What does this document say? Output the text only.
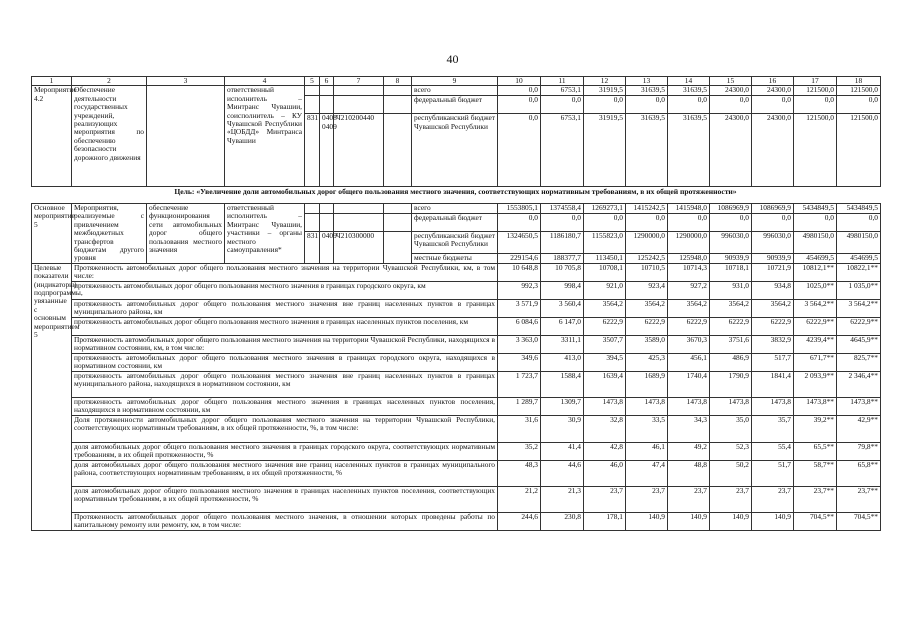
40
1	2	3	4	5	6	7	8	9	10	11	12	13	14	15	16	17	18
Мероприятие 4.2	Обеспечение деятельности государственных учреждений, реализующих мероприятия по обеспечению безопасности дорожного движения		ответственный исполнитель – Минтранс Чувашии, соисполнитель – КУ Чувашской Республики «ЦОБДД» Минтранса Чувашии					всего	0,0	6753,1	31919,5	31639,5	31639,5	24300,0	24300,0	121500,0	121500,0
								федеральный бюджет	0,0	0,0	0,0	0,0	0,0	0,0	0,0	0,0	0,0
				831	0408 0409	Ч210200440		республиканский бюджет Чувашской Республики	0,0	6753,1	31919,5	31639,5	31639,5	24300,0	24300,0	121500,0	121500,0
Цель: «Увеличение доли автомобильных дорог общего пользования местного значения, соответствующих нормативным требованиям, в их общей протяженности»
Основное мероприятие 5	Мероприятия, реализуемые с привлечением межбюджетных трансфертов бюджетам другого уровня	обеспечение функционирования сети автомобильных дорог общего пользования местного значения	ответственный исполнитель – Минтранс Чувашии, участники – органы местного самоуправления*					всего	1553805,1	1374558,4	1269273,1	1415242,5	1415948,0	1086969,9	1086969,9	5434849,5	5434849,5
								федеральный бюджет	0,0	0,0	0,0	0,0	0,0	0,0	0,0	0,0	0,0
				831	0409	Ч210300000		республиканский бюджет Чувашской Республики	1324650,5	1186180,7	1155823,0	1290000,0	1290000,0	996030,0	996030,0	4980150,0	4980150,0
								местные бюджеты	229154,6	188377,7	113450,1	125242,5	125948,0	90939,9	90939,9	454699,5	454699,5
Целевые показатели (индикаторы) подпрограммы, увязанные с основным мероприятием 5	Протяженность автомобильных дорог общего пользования местного значения на территории Чувашской Республики, км, в том числе:								10 648,8	10 705,8	10708,1	10710,5	10714,3	10718,1	10721,9	10812,1**	10822,1**
	протяженность автомобильных дорог общего пользования местного значения в границах городского округа, км								992,3	998,4	921,0	923,4	927,2	931,0	934,8	1025,0**	1 035,0**
	протяженность автомобильных дорог общего пользования местного значения вне границ населенных пунктов в границах муниципального района, км								3 571,9	3 560,4	3564,2	3564,2	3564,2	3564,2	3564,2	3 564,2**	3 564,2**
	протяженность автомобильных дорог общего пользования местного значения в границах населенных пунктов поселения, км								6 084,6	6 147,0	6222,9	6222,9	6222,9	6222,9	6222,9	6222,9**	6222,9**
	Протяженность автомобильных дорог общего пользования местного значения на территории Чувашской Республики, находящихся в нормативном состоянии, км, в том числе:								3 363,0	3311,1	3507,7	3589,0	3670,3	3751,6	3832,9	4239,4**	4645,9**
	протяженность автомобильных дорог общего пользования местного значения в границах городского округа, находящихся в нормативном состоянии, км								349,6	413,0	394,5	425,3	456,1	486,9	517,7	671,7**	825,7**
	протяженность автомобильных дорог общего пользования местного значения вне границ населенных пунктов в границах муниципального района, находящихся в нормативном состоянии, км								1 723,7	1588,4	1639,4	1689,9	1740,4	1790,9	1841,4	2 093,9**	2 346,4**
	протяженность автомобильных дорог общего пользования местного значения в границах населенных пунктов поселения, находящихся в нормативном состоянии, км								1 289,7	1309,7	1473,8	1473,8	1473,8	1473,8	1473,8	1473,8**	1473,8**
	Доля протяженности автомобильных дорог общего пользования местного значения на территории Чувашской Республики, соответствующих нормативным требованиям, в их общей протяженности, %, в том числе:								31,6	30,9	32,8	33,5	34,3	35,0	35,7	39,2**	42,9**
	доля автомобильных дорог общего пользования местного значения в границах городского округа, соответствующих нормативным требованиям, в их общей протяженности, %								35,2	41,4	42,8	46,1	49,2	52,3	55,4	65,5**	79,8**
	доля автомобильных дорог общего пользования местного значения вне границ населенных пунктов в границах муниципального района, соответствующих нормативным требованиям, в их общей протяженности, %								48,3	44,6	46,0	47,4	48,8	50,2	51,7	58,7**	65,8**
	доля автомобильных дорог общего пользования местного значения в границах населенных пунктов поселения, соответствующих нормативным требованиям, в их общей протяженности, %								21,2	21,3	23,7	23,7	23,7	23,7	23,7	23,7**	23,7**
	Протяженность автомобильных дорог общего пользования местного значения, в отношении которых проведены работы по капитальному ремонту или ремонту, км, в том числе:								244,6	230,8	178,1	140,9	140,9	140,9	140,9	704,5**	704,5**
